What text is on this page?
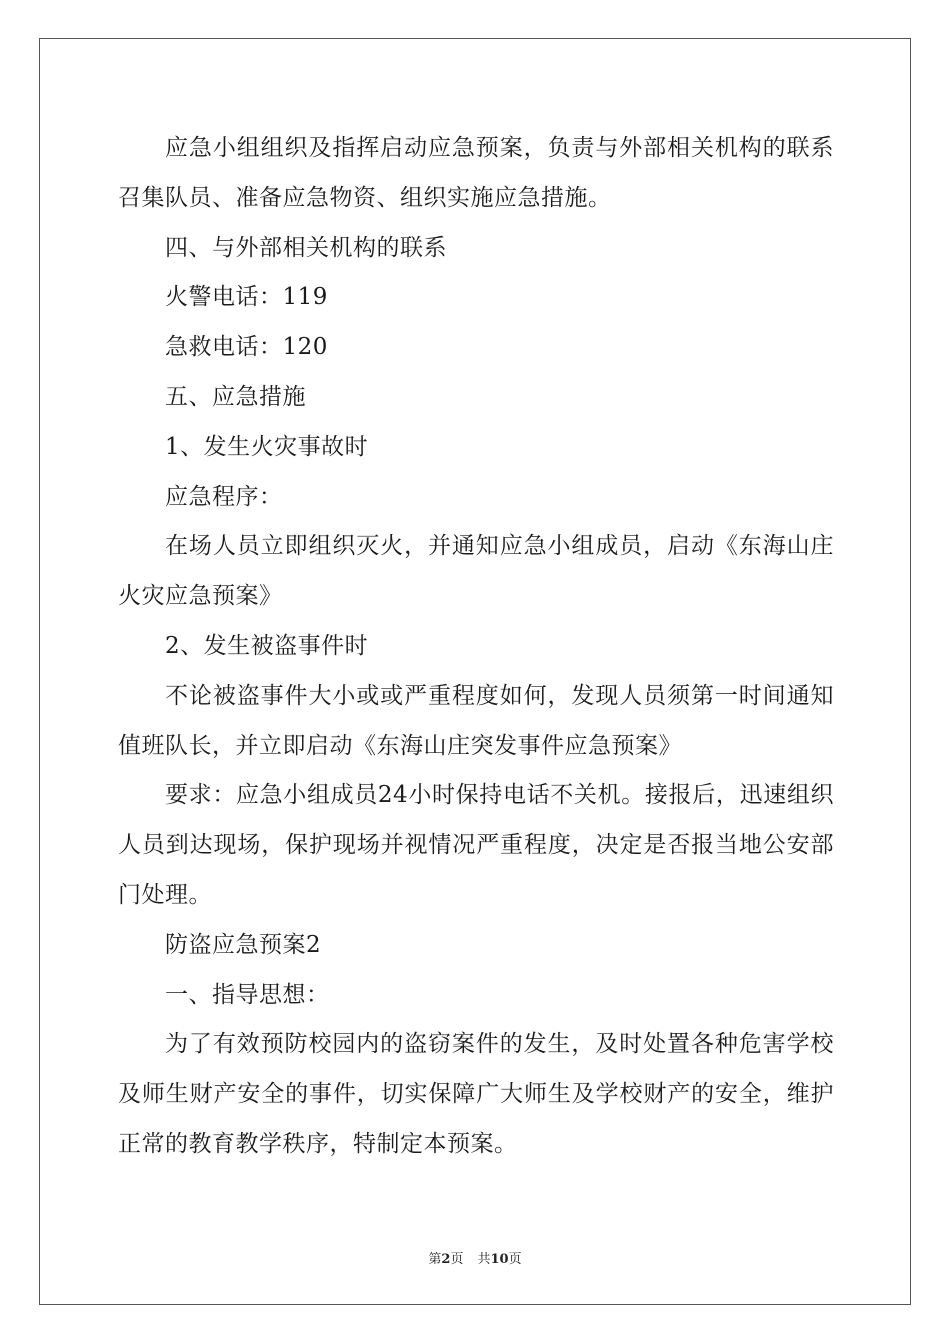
应急小组组织及指挥启动应急预案，负责与外部相关机构的联系召集队员、准备应急物资、组织实施应急措施。

四、与外部相关机构的联系

火警电话：119

急救电话：120

五、应急措施

1、发生火灾事故时

应急程序：

在场人员立即组织灭火，并通知应急小组成员，启动《东海山庄火灾应急预案》

2、发生被盗事件时

不论被盗事件大小或或严重程度如何，发现人员须第一时间通知值班队长，并立即启动《东海山庄突发事件应急预案》

要求：应急小组成员24小时保持电话不关机。接报后，迅速组织人员到达现场，保护现场并视情况严重程度，决定是否报当地公安部门处理。

防盗应急预案2

一、指导思想：

为了有效预防校园内的盗窃案件的发生，及时处置各种危害学校及师生财产安全的事件，切实保障广大师生及学校财产的安全，维护正常的教育教学秩序，特制定本预案。

第2页 共10页
